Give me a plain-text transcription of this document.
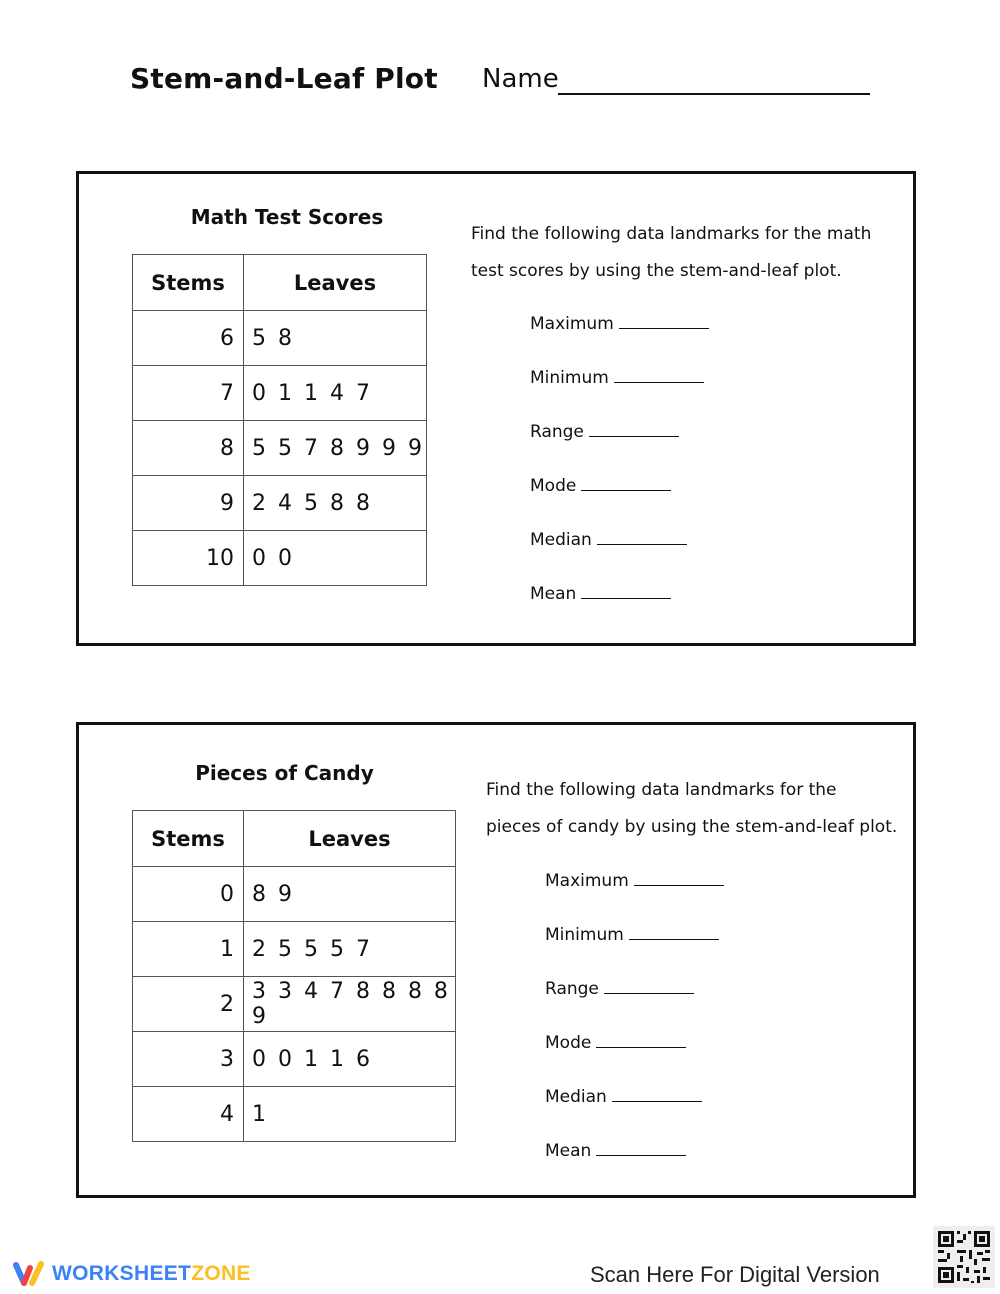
Stem-and-Leaf Plot Name
Math Test Scores
Stems	Leaves
6	5 8
7	0 1 1 4 7
8	5 5 7 8 9 9 9
9	2 4 5 8 8
10	0 0
Find the following data landmarks for the math
test scores by using the stem-and-leaf plot.
Maximum
Minimum
Range
Mode
Median
Mean
Pieces of Candy
Stems	Leaves
0	8 9
1	2 5 5 5 7
2	3 3 4 7 8 8 8 8 9
3	0 0 1 1 6
4	1
Find the following data landmarks for the
pieces of candy by using the stem-and-leaf plot.
Maximum
Minimum
Range
Mode
Median
Mean
WORKSHEETZONE	Scan Here For Digital Version
